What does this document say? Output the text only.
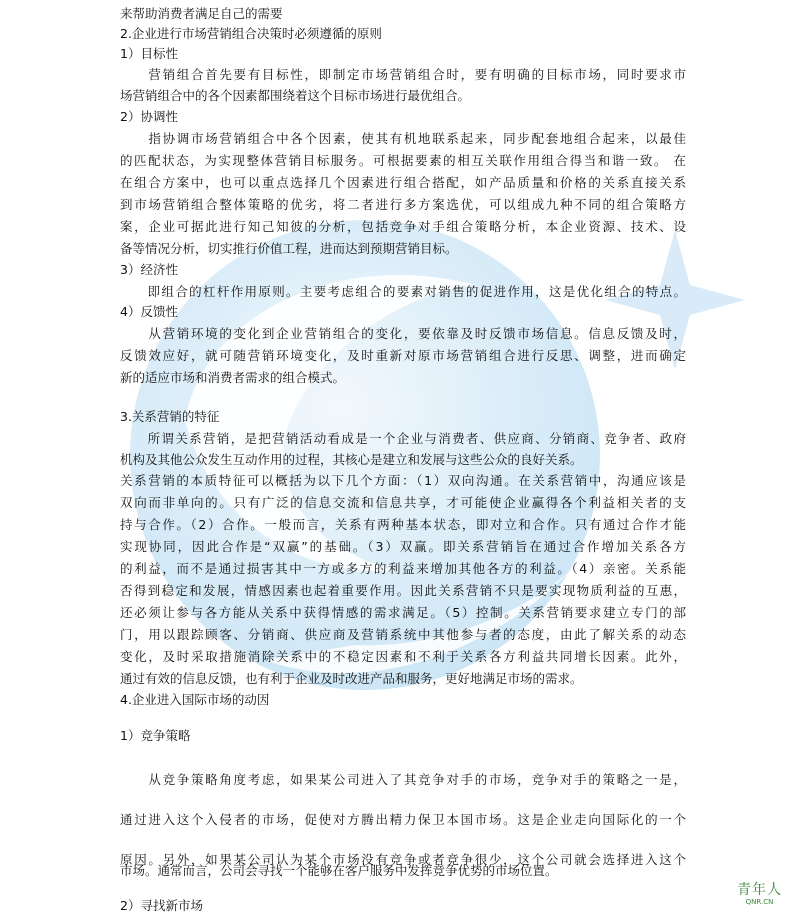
来帮助消费者满足自己的需要
2.企业进行市场营销组合决策时必须遵循的原则
1）目标性
　　营销组合首先要有目标性，即制定市场营销组合时，要有明确的目标市场，同时要求市
场营销组合中的各个因素都围绕着这个目标市场进行最优组合。
2）协调性
　　指协调市场营销组合中各个因素，使其有机地联系起来，同步配套地组合起来，以最佳
的匹配状态，为实现整体营销目标服务。可根据要素的相互关联作用组合得当和谐一致。 在
在组合方案中，也可以重点选择几个因素进行组合搭配，如产品质量和价格的关系直接关系
到市场营销组合整体策略的优劣，将二者进行多方案选优，可以组成九种不同的组合策略方
案，企业可据此进行知己知彼的分析，包括竞争对手组合策略分析，本企业资源、技术、设
备等情况分析，切实推行价值工程，进而达到预期营销目标。
3）经济性
　　即组合的杠杆作用原则。主要考虑组合的要素对销售的促进作用，这是优化组合的特点。
4）反馈性
　　从营销环境的变化到企业营销组合的变化，要依靠及时反馈市场信息。信息反馈及时，
反馈效应好，就可随营销环境变化，及时重新对原市场营销组合进行反思、调整，进而确定
新的适应市场和消费者需求的组合模式。
3.关系营销的特征
　　所谓关系营销，是把营销活动看成是一个企业与消费者、供应商、分销商、竞争者、政府
机构及其他公众发生互动作用的过程，其核心是建立和发展与这些公众的良好关系。
关系营销的本质特征可以概括为以下几个方面：（1）双向沟通。在关系营销中，沟通应该是
双向而非单向的。只有广泛的信息交流和信息共享，才可能使企业赢得各个利益相关者的支
持与合作。（2）合作。一般而言，关系有两种基本状态，即对立和合作。只有通过合作才能
实现协同，因此合作是“双赢”的基础。（3）双赢。即关系营销旨在通过合作增加关系各方
的利益，而不是通过损害其中一方或多方的利益来增加其他各方的利益。（4）亲密。关系能
否得到稳定和发展，情感因素也起着重要作用。因此关系营销不只是要实现物质利益的互惠，
还必须让参与各方能从关系中获得情感的需求满足。（5）控制。关系营销要求建立专门的部
门，用以跟踪顾客、分销商、供应商及营销系统中其他参与者的态度，由此了解关系的动态
变化，及时采取措施消除关系中的不稳定因素和不利于关系各方利益共同增长因素。此外，
通过有效的信息反馈，也有利于企业及时改进产品和服务，更好地满足市场的需求。
4.企业进入国际市场的动因
1）竞争策略
　　从竞争策略角度考虑，如果某公司进入了其竞争对手的市场，竞争对手的策略之一是，
通过进入这个入侵者的市场，促使对方腾出精力保卫本国市场。这是企业走向国际化的一个
原因。另外，如果某公司认为某个市场没有竞争或者竞争很少，这个公司就会选择进入这个
市场。通常而言，公司会寻找一个能够在客户服务中发挥竞争优势的市场位置。
2）寻找新市场
青年人
QNR.CN
